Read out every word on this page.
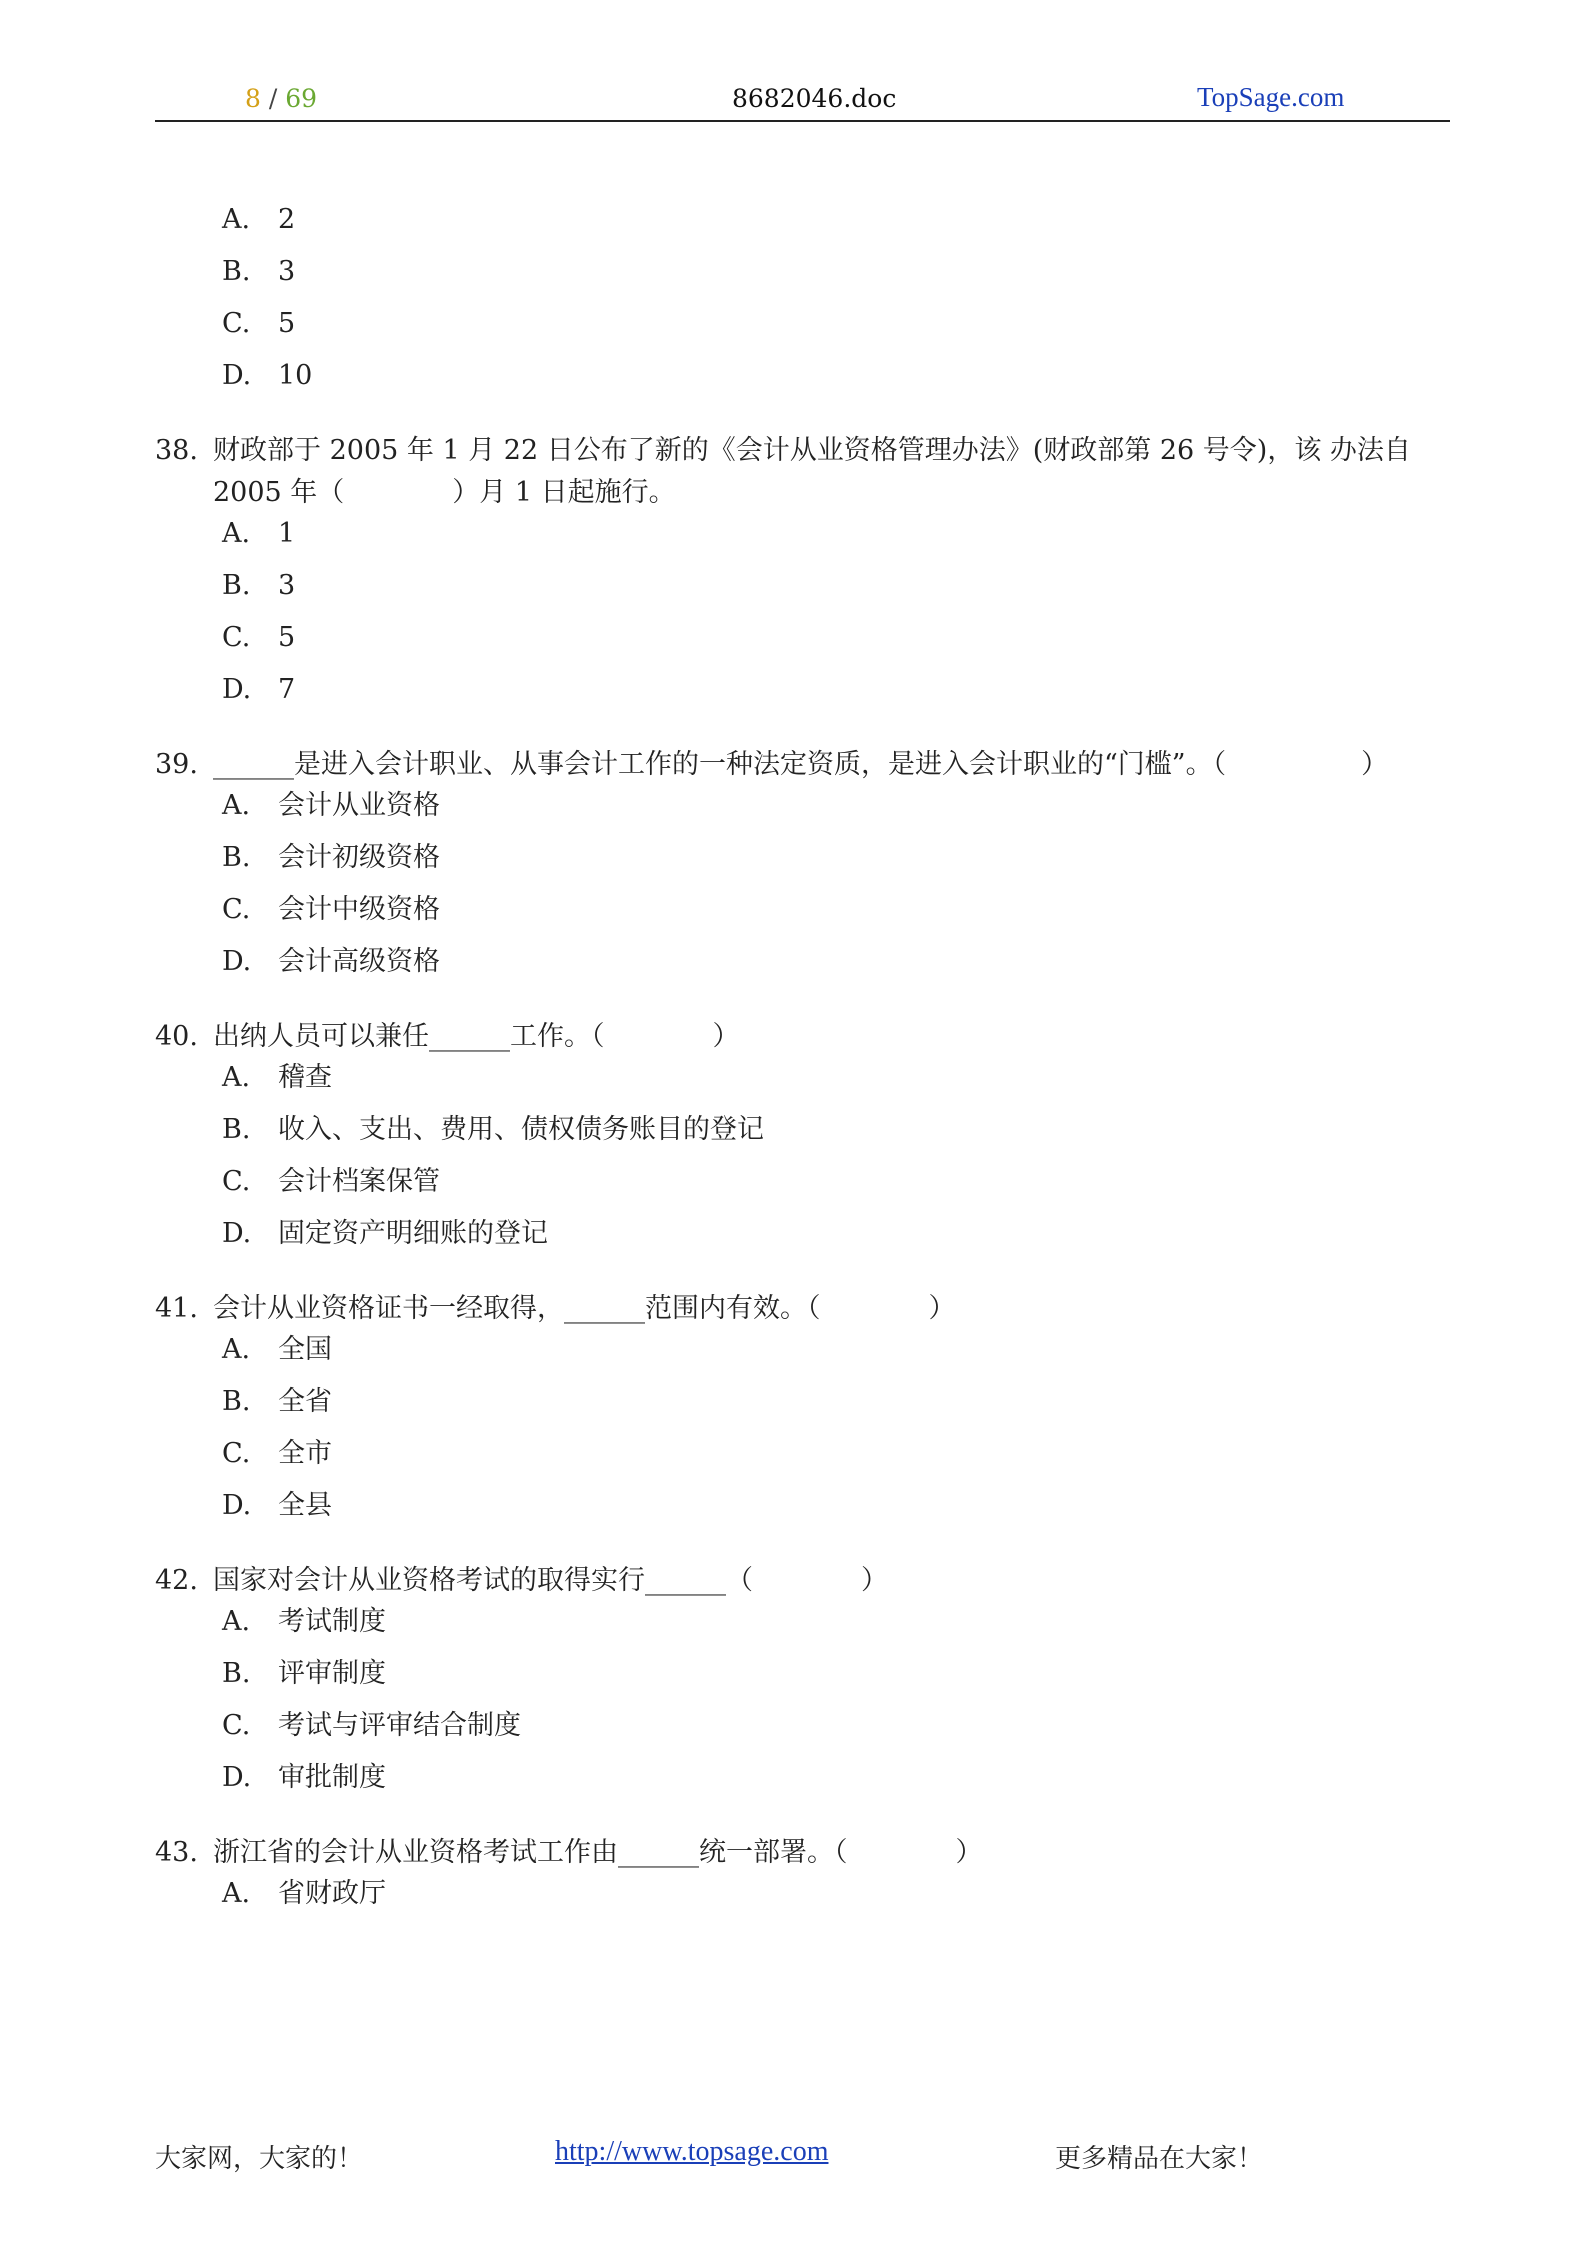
8 / 69	8682046.doc	TopSage.com
A. 2
B. 3
C. 5
D. 10
38. 财政部于 2005 年 1 月 22 日公布了新的《会计从业资格管理办法》(财政部第 26 号令)，该 办法自
2005 年（　　　　）月 1 日起施行。
A. 1
B. 3
C. 5
D. 7
39. ______是进入会计职业、从事会计工作的一种法定资质，是进入会计职业的“门槛”。（　　　　　）
A. 会计从业资格
B. 会计初级资格
C. 会计中级资格
D. 会计高级资格
40. 出纳人员可以兼任______工作。（　　　　）
A. 稽查
B. 收入、支出、费用、债权债务账目的登记
C. 会计档案保管
D. 固定资产明细账的登记
41. 会计从业资格证书一经取得，______范围内有效。（　　　　）
A. 全国
B. 全省
C. 全市
D. 全县
42. 国家对会计从业资格考试的取得实行______（　　　　）
A. 考试制度
B. 评审制度
C. 考试与评审结合制度
D. 审批制度
43. 浙江省的会计从业资格考试工作由______统一部署。（　　　　）
A. 省财政厅
大家网，大家的！	http://www.topsage.com	更多精品在大家！
